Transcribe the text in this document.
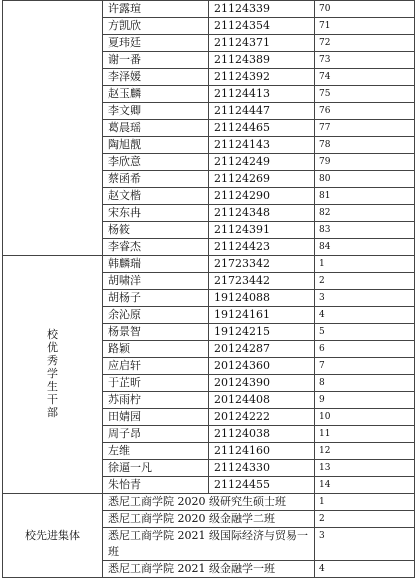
	许露瑄	21124339	70
	方凯欣	21124354	71
	夏玮廷	21124371	72
	谢一番	21124389	73
	李泽媛	21124392	74
	赵玉麟	21124413	75
	李文卿	21124447	76
	葛晨瑶	21124465	77
	陶旭靓	21124143	78
	李欣意	21124249	79
	蔡函希	21124269	80
	赵文楷	21124290	81
	宋东冉	21124348	82
	杨筱	21124391	83
	李睿杰	21124423	84
校优秀学生干部	韩麟瑞	21723342	1
	胡啸洋	21723442	2
	胡杨子	19124088	3
	余沁原	19124161	4
	杨景智	19124215	5
	路颖	20124287	6
	应启轩	20124360	7
	于芷昕	20124390	8
	苏雨柠	20124408	9
	田婧园	20124222	10
	周子昂	21124038	11
	左维	21124160	12
	徐逼一凡	21124330	13
	朱怡青	21124455	14
校先进集体	悉尼工商学院 2020 级研究生硕士班		1
	悉尼工商学院 2020 级金融学二班		2
	悉尼工商学院 2021 级国际经济与贸易一班		3
	悉尼工商学院 2021 级金融学一班		4
